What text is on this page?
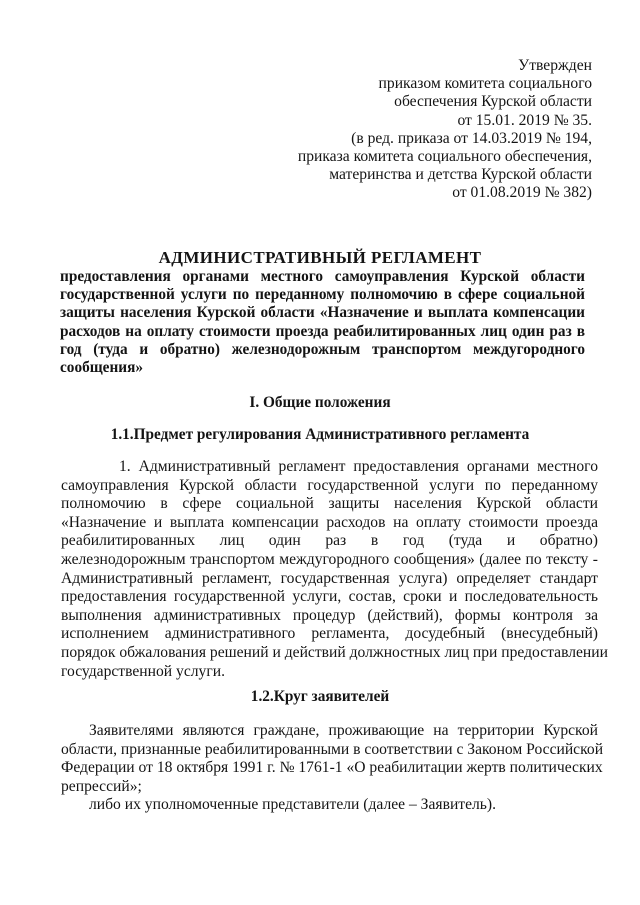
Утвержден
приказом комитета социального
обеспечения Курской области
от 15.01. 2019 № 35.
(в ред. приказа от 14.03.2019 № 194,
приказа комитета социального обеспечения,
материнства и детства Курской области
от 01.08.2019 № 382)
АДМИНИСТРАТИВНЫЙ РЕГЛАМЕНТ
предоставления органами местного самоуправления Курской области
государственной услуги по переданному полномочию в сфере социальной
защиты населения Курской области «Назначение и выплата компенсации
расходов на оплату стоимости проезда реабилитированных лиц один раз в
год (туда и обратно) железнодорожным транспортом междугородного
сообщения»
I. Общие положения
1.1.Предмет регулирования Административного регламента
1. Административный регламент предоставления органами местного
самоуправления Курской области государственной услуги по переданному
полномочию в сфере социальной защиты населения Курской области
«Назначение и выплата компенсации расходов на оплату стоимости проезда
реабилитированных лиц один раз в год (туда и обратно)
железнодорожным транспортом междугородного сообщения» (далее по тексту -
Административный регламент, государственная услуга) определяет стандарт
предоставления государственной услуги, состав, сроки и последовательность
выполнения административных процедур (действий), формы контроля за
исполнением административного регламента, досудебный (внесудебный)
порядок обжалования решений и действий должностных лиц при предоставлении
государственной услуги.
1.2.Круг заявителей
Заявителями являются граждане, проживающие на территории Курской
области, признанные реабилитированными в соответствии с Законом Российской
Федерации от 18 октября 1991 г. № 1761-1 «О реабилитации жертв политических
репрессий»;
либо их уполномоченные представители (далее – Заявитель).
